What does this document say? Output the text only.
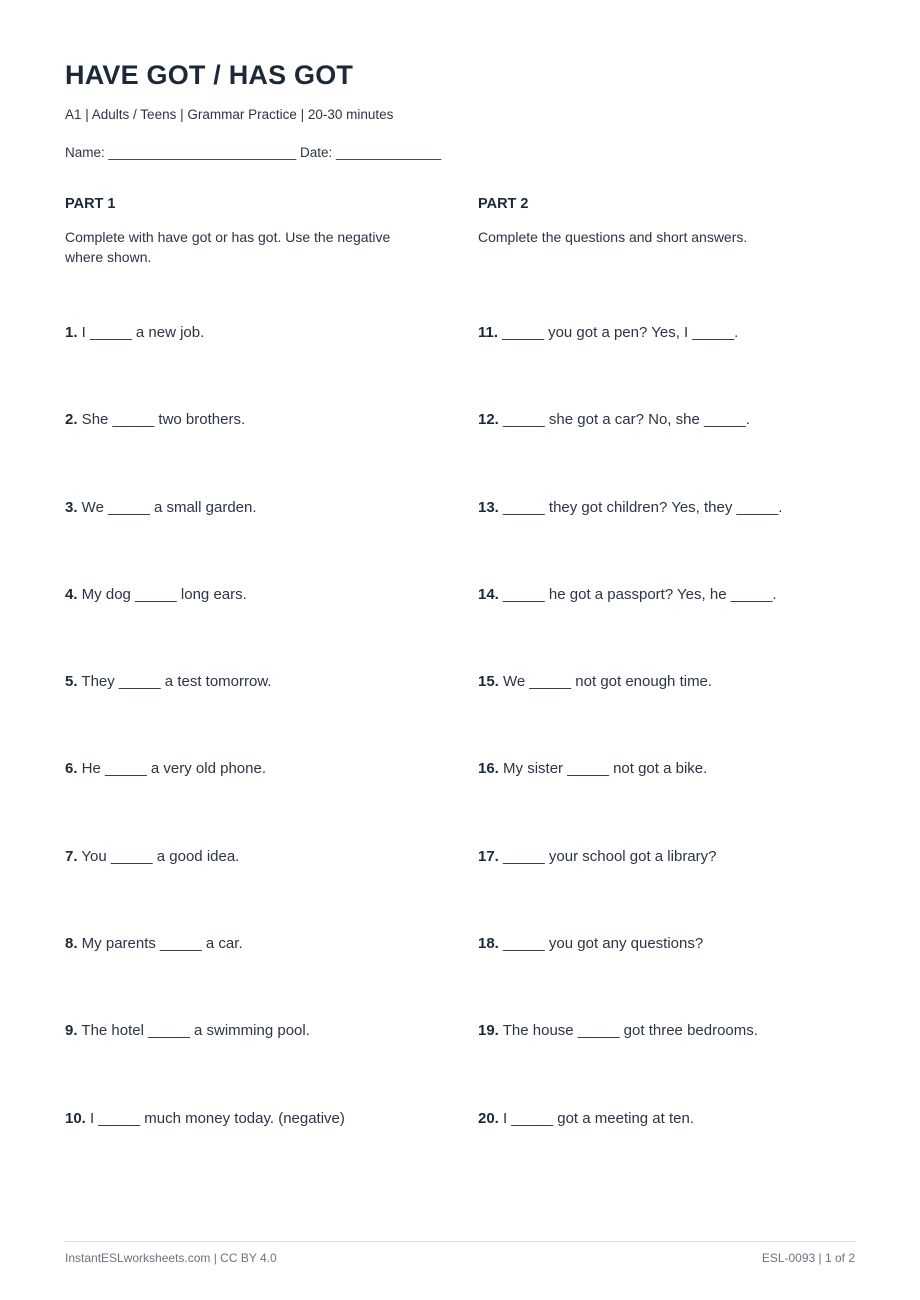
HAVE GOT / HAS GOT
A1 | Adults / Teens | Grammar Practice | 20-30 minutes
Name: _________________________ Date: ______________
PART 1
Complete with have got or has got. Use the negative where shown.
PART 2
Complete the questions and short answers.
1. I _____ a new job.
2. She _____ two brothers.
3. We _____ a small garden.
4. My dog _____ long ears.
5. They _____ a test tomorrow.
6. He _____ a very old phone.
7. You _____ a good idea.
8. My parents _____ a car.
9. The hotel _____ a swimming pool.
10. I _____ much money today. (negative)
11. _____ you got a pen? Yes, I _____.
12. _____ she got a car? No, she _____.
13. _____ they got children? Yes, they _____.
14. _____ he got a passport? Yes, he _____.
15. We _____ not got enough time.
16. My sister _____ not got a bike.
17. _____ your school got a library?
18. _____ you got any questions?
19. The house _____ got three bedrooms.
20. I _____ got a meeting at ten.
InstantESLworksheets.com | CC BY 4.0	ESL-0093 | 1 of 2
